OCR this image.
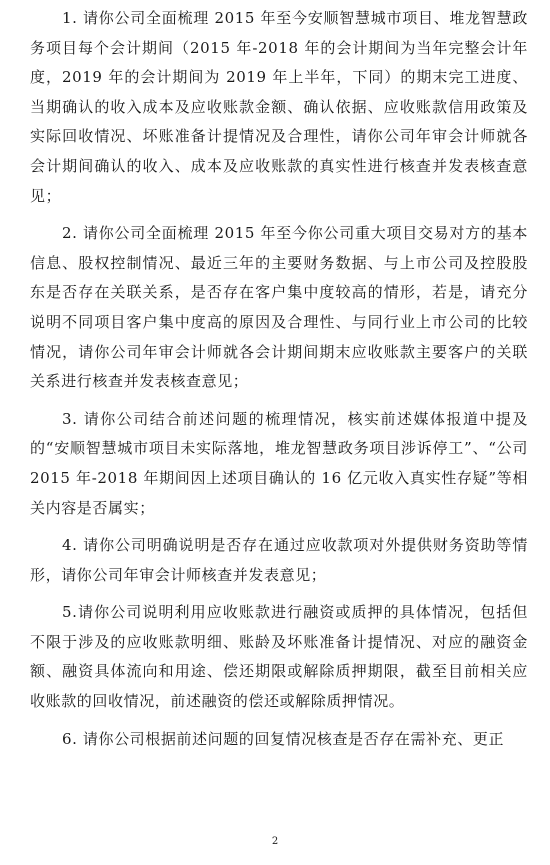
1. 请你公司全面梳理 2015 年至今安顺智慧城市项目、堆龙智慧政务项目每个会计期间（2015 年-2018 年的会计期间为当年完整会计年度，2019 年的会计期间为 2019 年上半年，下同）的期末完工进度、当期确认的收入成本及应收账款金额、确认依据、应收账款信用政策及实际回收情况、坏账准备计提情况及合理性，请你公司年审会计师就各会计期间确认的收入、成本及应收账款的真实性进行核查并发表核查意见；

2. 请你公司全面梳理 2015 年至今你公司重大项目交易对方的基本信息、股权控制情况、最近三年的主要财务数据、与上市公司及控股股东是否存在关联关系，是否存在客户集中度较高的情形，若是，请充分说明不同项目客户集中度高的原因及合理性、与同行业上市公司的比较情况，请你公司年审会计师就各会计期间期末应收账款主要客户的关联关系进行核查并发表核查意见；

3. 请你公司结合前述问题的梳理情况，核实前述媒体报道中提及的“安顺智慧城市项目未实际落地，堆龙智慧政务项目涉诉停工”、“公司 2015 年-2018 年期间因上述项目确认的 16 亿元收入真实性存疑”等相关内容是否属实；

4. 请你公司明确说明是否存在通过应收款项对外提供财务资助等情形，请你公司年审会计师核查并发表意见；

5.请你公司说明利用应收账款进行融资或质押的具体情况，包括但不限于涉及的应收账款明细、账龄及坏账准备计提情况、对应的融资金额、融资具体流向和用途、偿还期限或解除质押期限，截至目前相关应收账款的回收情况，前述融资的偿还或解除质押情况。

6. 请你公司根据前述问题的回复情况核查是否存在需补充、更正

2
